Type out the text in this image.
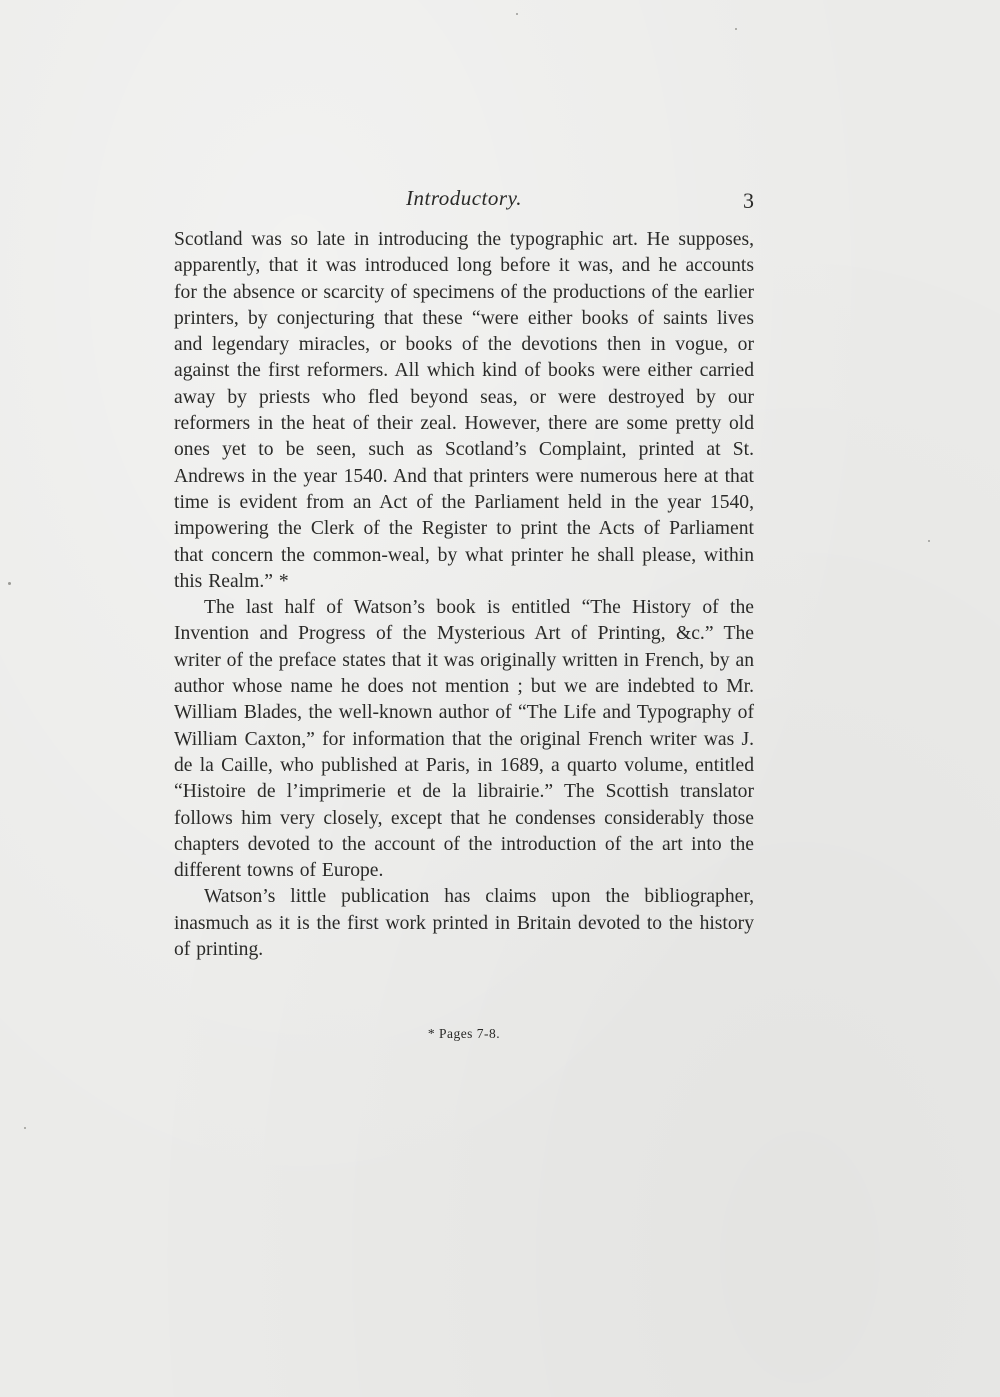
Introductory.	3

Scotland was so late in introducing the typographic art. He supposes, apparently, that it was introduced long before it was, and he accounts for the absence or scarcity of specimens of the productions of the earlier printers, by conjecturing that these “were either books of saints lives and legendary miracles, or books of the devotions then in vogue, or against the first reformers. All which kind of books were either carried away by priests who fled beyond seas, or were destroyed by our reformers in the heat of their zeal. However, there are some pretty old ones yet to be seen, such as Scotland’s Complaint, printed at St. Andrews in the year 1540. And that printers were numerous here at that time is evident from an Act of the Parliament held in the year 1540, impowering the Clerk of the Register to print the Acts of Parliament that concern the common-weal, by what printer he shall please, within this Realm.” *

The last half of Watson’s book is entitled “The History of the Invention and Progress of the Mysterious Art of Printing, &c.” The writer of the preface states that it was originally written in French, by an author whose name he does not mention ; but we are indebted to Mr. William Blades, the well-known author of “The Life and Typography of William Caxton,” for information that the original French writer was J. de la Caille, who published at Paris, in 1689, a quarto volume, entitled “Histoire de l’imprimerie et de la librairie.” The Scottish translator follows him very closely, except that he condenses considerably those chapters devoted to the account of the introduction of the art into the different towns of Europe.

Watson’s little publication has claims upon the bibliographer, inasmuch as it is the first work printed in Britain devoted to the history of printing.

* Pages 7-8.
